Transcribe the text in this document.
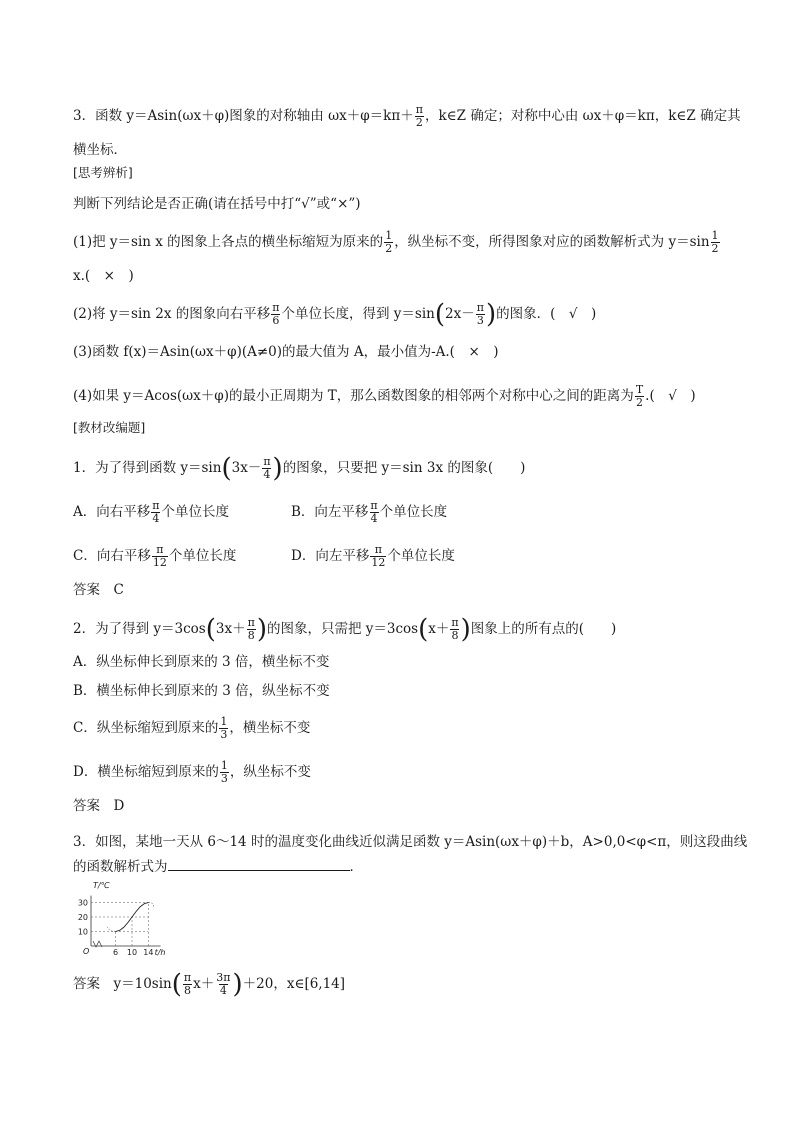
3．函数 y＝Asin(ωx＋φ)图象的对称轴由 $\omega x+\varphi=k\pi+ \frac{\pi}{2}$ ，k∈Z 确定；对称中心由 ωx＋φ＝kπ，k∈Z 确定其
横坐标．
[思考辨析]
判断下列结论是否正确(请在括号中打“√”或“×”)
(1)把 y＝sin x 的图象上各点的横坐标缩短为原来的 $\frac{1}{2}$ ，纵坐标不变，所得图象对应的函数解析式为 $y=\sin \frac{1}{2}$
x.(　×　)
(2)将 y＝sin 2x 的图象向右平移 $\frac{\pi}{6}$ 个单位长度，得到 $y=\sin(2x- \frac{\pi}{3}$ )的图象．(　√　)
(3)函数 f(x)＝Asin(ωx＋φ)(A≠0)的最大值为 A，最小值为-A.(　×　)
(4)如果 y＝Acos(ωx＋φ)的最小正周期为 T，那么函数图象的相邻两个对称中心之间的距离为 $\frac{T}{2}$ .(　√　)
[教材改编题]
1．为了得到函数 $y=\sin(3x- \frac{\pi}{4}$ )的图象，只要把 y＝sin 3x 的图象(　　)
A．向右平移 $\frac{\pi}{4}$ 个单位长度	B．向左平移 $\frac{\pi}{4}$ 个单位长度
C．向右平移 $\frac{\pi}{12}$ 个单位长度	D．向左平移 $\frac{\pi}{12}$ 个单位长度
答案　C
2．为了得到 $y=3\cos(3x+ \frac{\pi}{8}$ )的图象，只需把 $y=3\cos(x+ \frac{\pi}{8}$ )图象上的所有点的(　　)
A．纵坐标伸长到原来的 3 倍，横坐标不变
B．横坐标伸长到原来的 3 倍，纵坐标不变
C．纵坐标缩短到原来的 $\frac{1}{3}$ ，横坐标不变
D．横坐标缩短到原来的 $\frac{1}{3}$ ，纵坐标不变
答案　D
3．如图，某地一天从 6～14 时的温度变化曲线近似满足函数 y＝Asin(ωx＋φ)＋b，A>0,0<φ<π，则这段曲线
的函数解析式为	．
10
20
30
6 10 14
T/℃
t/h
O
答案　$y=10\sin( \frac{\pi}{8} x+ \frac{3\pi}{4} )+20$，x∈[6,14]
